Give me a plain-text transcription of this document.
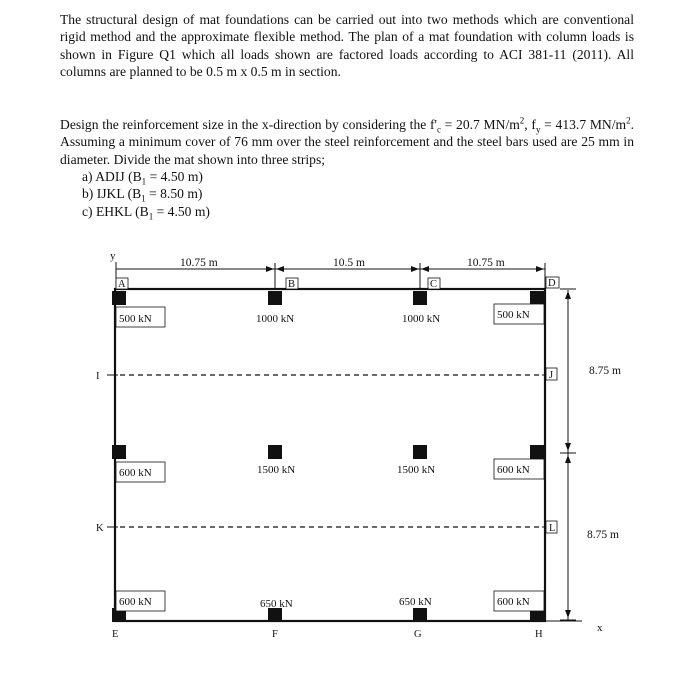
The structural design of mat foundations can be carried out into two methods which are conventional rigid method and the approximate flexible method. The plan of a mat foundation with column loads is shown in Figure Q1 which all loads shown are factored loads according to ACI 381-11 (2011). All columns are planned to be 0.5 m x 0.5 m in section.

Design the reinforcement size in the x-direction by considering the $f'_c = 20.7$ $MN/m^2$, $f_y = 413.7$ $MN/m^2$. Assuming a minimum cover of 76 mm over the steel reinforcement and the steel bars used are 25 mm in diameter. Divide the mat shown into three strips;

a) ADIJ ($B_1 = 4.50$ m)
b) IJKL ($B_1 = 8.50$ m)
c) EHKL ($B_1 = 4.50$ m)
y
x
10.75 m	10.5 m	10.75 m
8.75 m
8.75 m
A	B	C	D
E	F	G	H
I	J
K	L
500 kN	1000 kN	1000 kN	500 kN
600 kN	1500 kN	1500 kN	600 kN
600 kN	650 kN	650 kN	600 kN
